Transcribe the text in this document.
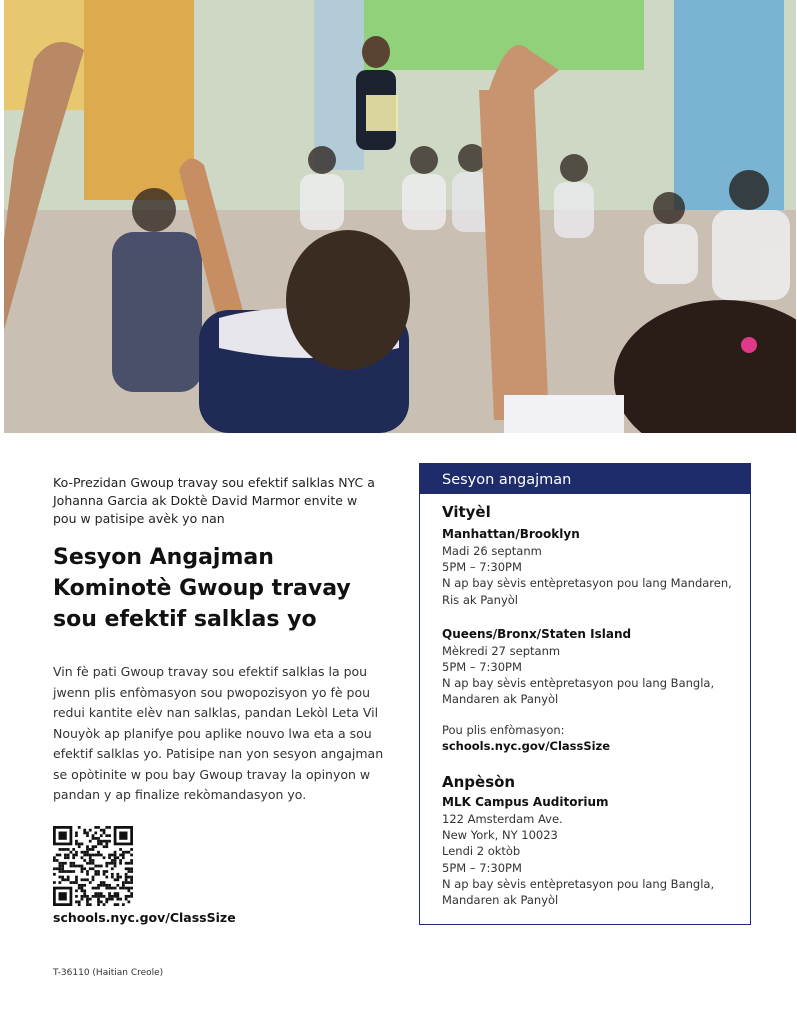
Ko-Prezidan Gwoup travay sou efektif salklas NYC a Johanna Garcia ak Doktè David Marmor envite w pou w patisipe avèk yo nan
Sesyon Angajman
Kominotè Gwoup travay
sou efektif salklas yo
Vin fè pati Gwoup travay sou efektif salklas la pou jwenn plis enfòmasyon sou pwopozisyon yo fè pou redui kantite elèv nan salklas, pandan Lekòl Leta Vil Nouyòk ap planifye pou aplike nouvo lwa eta a sou efektif salklas yo. Patisipe nan yon sesyon angajman se opòtinite w pou bay Gwoup travay la opinyon w pandan y ap finalize rekòmandasyon yo.
schools.nyc.gov/ClassSize
T-36110 (Haitian Creole)
Sesyon angajman
Vityèl
Manhattan/Brooklyn
Madi 26 septanm
5PM – 7:30PM
N ap bay sèvis entèpretasyon pou lang Mandaren, Ris ak Panyòl
Queens/Bronx/Staten Island
Mèkredi 27 septanm
5PM – 7:30PM
N ap bay sèvis entèpretasyon pou lang Bangla, Mandaren ak Panyòl
Pou plis enfòmasyon:
schools.nyc.gov/ClassSize
Anpèsòn
MLK Campus Auditorium
122 Amsterdam Ave.
New York, NY 10023
Lendi 2 oktòb
5PM – 7:30PM
N ap bay sèvis entèpretasyon pou lang Bangla, Mandaren ak Panyòl
